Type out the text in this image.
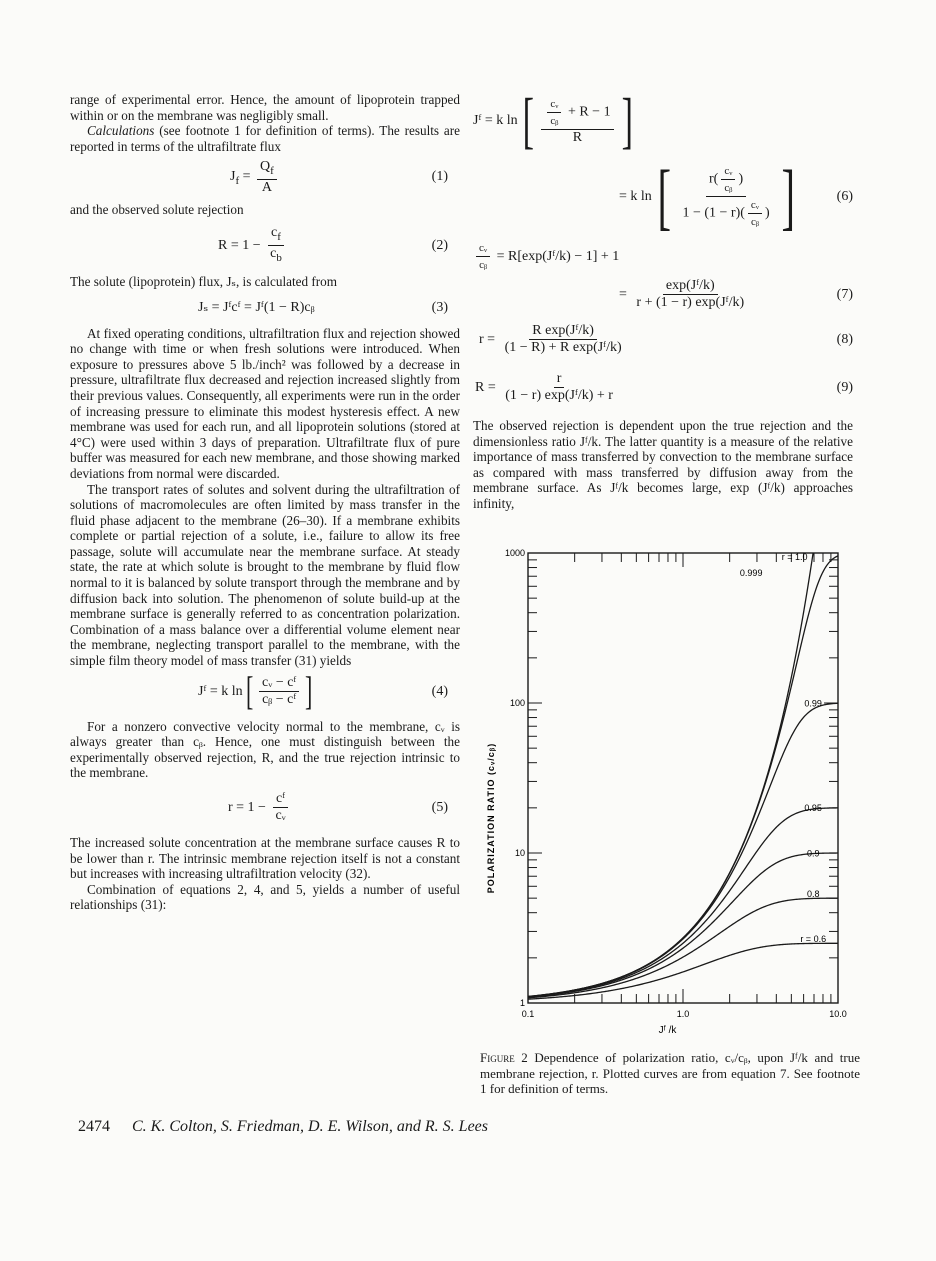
range of experimental error. Hence, the amount of lipoprotein trapped within or on the membrane was negligibly small.

Calculations (see footnote 1 for definition of terms). The results are reported in terms of the ultrafiltrate flux

$J_f = \frac{Q_f}{A}$	(1)

and the observed solute rejection

$R = 1 - \frac{c_f}{c_b}$	(2)

The solute (lipoprotein) flux, Jₛ, is calculated from

Jₛ = Jᶠcᶠ = Jᶠ(1 − R)cᵦ	(3)

At fixed operating conditions, ultrafiltration flux and rejection showed no change with time or when fresh solutions were introduced. When exposure to pressures above 5 lb./inch² was followed by a decrease in pressure, ultrafiltrate flux decreased and rejection increased slightly from their previous values. Consequently, all experiments were run in the order of increasing pressure to eliminate this modest hysteresis effect. A new membrane was used for each run, and all lipoprotein solutions (stored at 4°C) were used within 3 days of preparation. Ultrafiltrate flux of pure buffer was measured for each new membrane, and those showing marked deviations from normal were discarded.

The transport rates of solutes and solvent during the ultrafiltration of solutions of macromolecules are often limited by mass transfer in the fluid phase adjacent to the membrane (26–30). If a membrane exhibits complete or partial rejection of a solute, i.e., failure to allow its free passage, solute will accumulate near the membrane surface. At steady state, the rate at which solute is brought to the membrane by fluid flow normal to it is balanced by solute transport through the membrane and by diffusion back into solution. The phenomenon of solute build-up at the membrane surface is generally referred to as concentration polarization. Combination of a mass balance over a differential volume element near the membrane, neglecting transport parallel to the membrane, with the simple film theory model of mass transfer (31) yields

Jᶠ = k $\ln[ \frac{\text{cᵥ − cᶠ}}{\text{cᵦ − cᶠ}}$ ]	(4)

For a nonzero convective velocity normal to the membrane, cᵥ is always greater than cᵦ. Hence, one must distinguish between the experimentally observed rejection, R, and the true rejection intrinsic to the membrane.

$r = 1 - \frac{\text{cᶠ}}{\text{cᵥ}}$	(5)

The increased solute concentration at the membrane surface causes R to be lower than r. The intrinsic membrane rejection itself is not a constant but increases with increasing ultrafiltration velocity (32).

Combination of equations 2, 4, and 5, yields a number of useful relationships (31):

Jᶠ = k $\ln[ \frac{\frac{\text{cᵥ}}{\text{cᵦ}} + R - 1}{R}$ ]
= k $\ln[ \frac{r( \frac{\text{cᵥ}}{\text{cᵦ}} )}{1 - (1 - r)( \frac{\text{cᵥ}}{\text{cᵦ}} )}$ ]	(6)
$\frac{\text{cᵥ}}{\text{cᵦ}}$ = R[exp(Jᶠ/k) − 1] + 1
= $\frac{\text{exp(Jᶠ/k)}}{\text{r + (1 − r) exp(Jᶠ/k)}}$	(7)
$r = \frac{\text{R exp(Jᶠ/k)}}{\text{(1 − R) + R exp(Jᶠ/k)}}$	(8)
$R = \frac{r}{\text{(1 − r) exp(Jᶠ/k) + r}}$	(9)

The observed rejection is dependent upon the true rejection and the dimensionless ratio Jᶠ/k. The latter quantity is a measure of the relative importance of mass transferred by convection to the membrane surface as compared with mass transferred by diffusion away from the membrane surface. As Jᶠ/k becomes large, exp (Jᶠ/k) approaches infinity,

0.1	1.0	10.0
1
10
100
1000	r = 1.0
0.999
0.99
0.95
0.9
0.8
r = 0.6
POLARIZATION RATIO (cᵥ/cᵦ)
Jᶠ /k
Figure 2 Dependence of polarization ratio, cᵥ/cᵦ, upon Jᶠ/k and true membrane rejection, r. Plotted curves are from equation 7. See footnote 1 for definition of terms.
2474 C. K. Colton, S. Friedman, D. E. Wilson, and R. S. Lees
